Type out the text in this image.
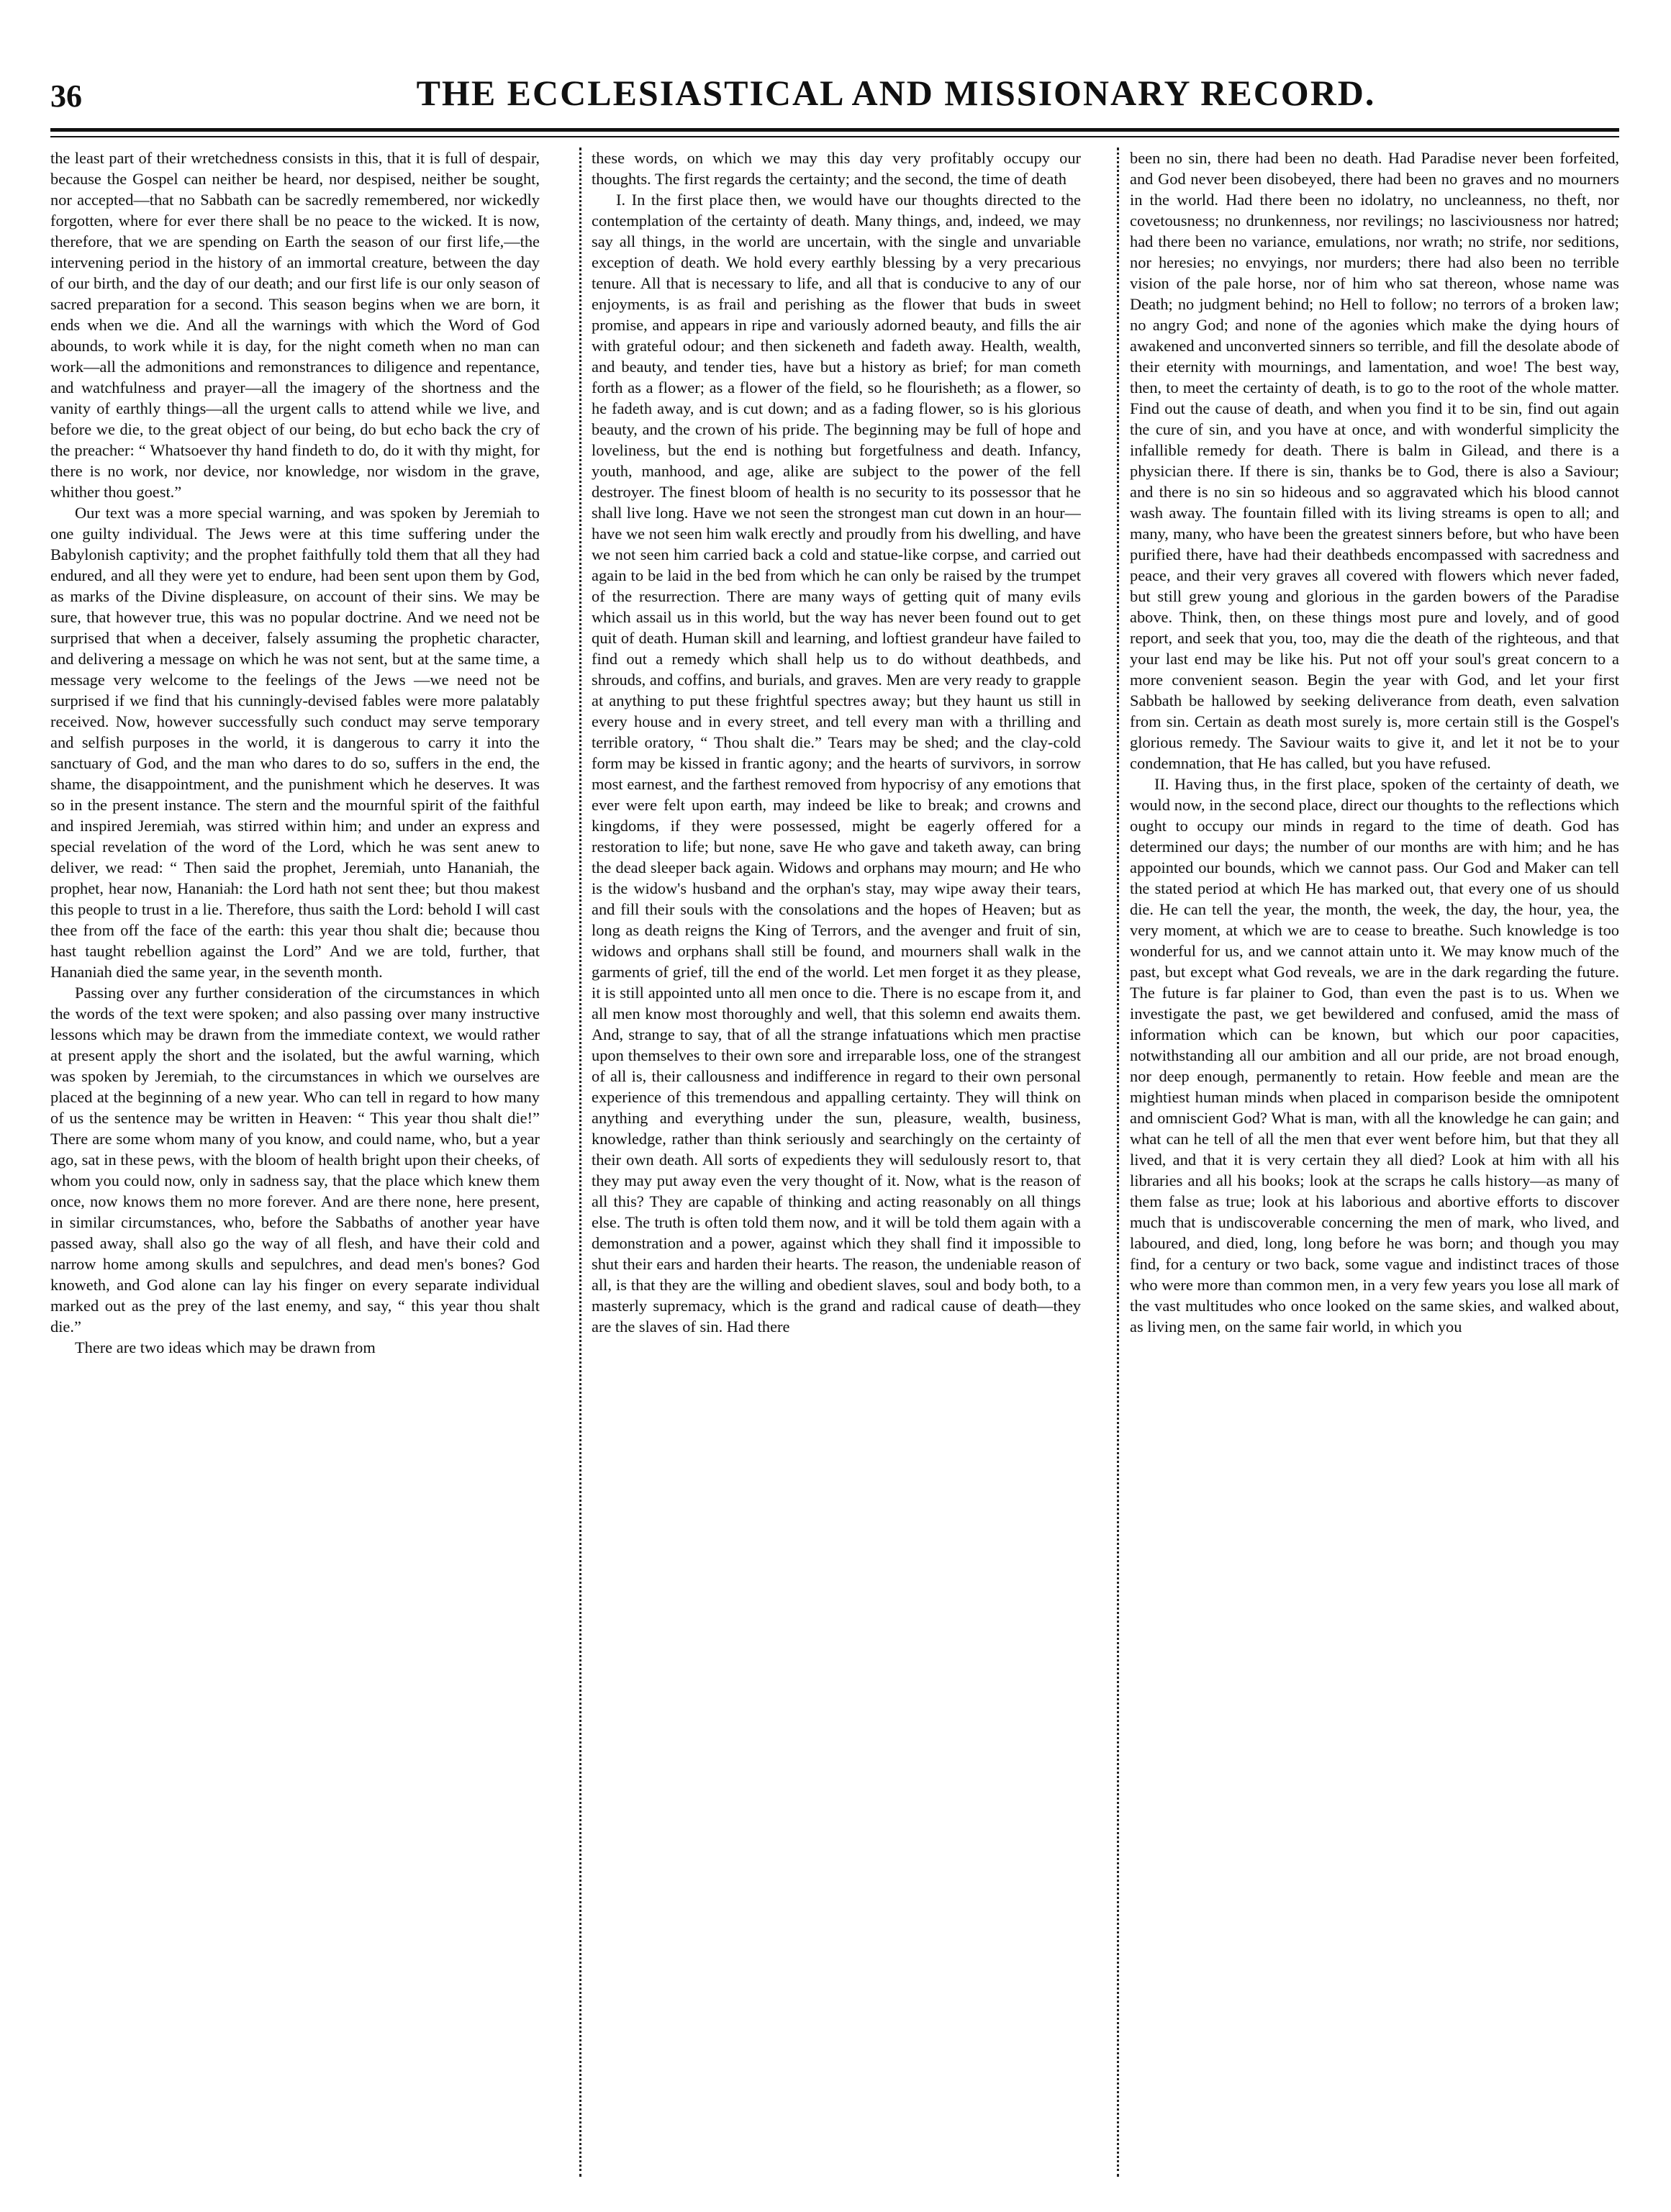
36	THE ECCLESIASTICAL AND MISSIONARY RECORD.

the least part of their wretchedness consists in this, that it is full of despair, because the Gospel can neither be heard, nor despised, neither be sought, nor accepted—that no Sabbath can be sacredly remembered, nor wickedly forgotten, where for ever there shall be no peace to the wicked. It is now, therefore, that we are spending on Earth the season of our first life,—the intervening period in the history of an immortal creature, between the day of our birth, and the day of our death; and our first life is our only season of sacred preparation for a second. This season begins when we are born, it ends when we die. And all the warnings with which the Word of God abounds, to work while it is day, for the night cometh when no man can work—all the admonitions and remonstrances to diligence and repentance, and watchfulness and prayer—all the imagery of the shortness and the vanity of earthly things—all the urgent calls to attend while we live, and before we die, to the great object of our being, do but echo back the cry of the preacher: “ Whatsoever thy hand findeth to do, do it with thy might, for there is no work, nor device, nor knowledge, nor wisdom in the grave, whither thou goest.”

Our text was a more special warning, and was spoken by Jeremiah to one guilty individual. The Jews were at this time suffering under the Babylonish captivity; and the prophet faithfully told them that all they had endured, and all they were yet to endure, had been sent upon them by God, as marks of the Divine displeasure, on account of their sins. We may be sure, that however true, this was no popular doctrine. And we need not be surprised that when a deceiver, falsely assuming the prophetic character, and delivering a message on which he was not sent, but at the same time, a message very welcome to the feelings of the Jews —we need not be surprised if we find that his cunningly-devised fables were more palatably received. Now, however successfully such conduct may serve temporary and selfish purposes in the world, it is dangerous to carry it into the sanctuary of God, and the man who dares to do so, suffers in the end, the shame, the disappointment, and the punishment which he deserves. It was so in the present instance. The stern and the mournful spirit of the faithful and inspired Jeremiah, was stirred within him; and under an express and special revelation of the word of the Lord, which he was sent anew to deliver, we read: “ Then said the prophet, Jeremiah, unto Hananiah, the prophet, hear now, Hananiah: the Lord hath not sent thee; but thou makest this people to trust in a lie. Therefore, thus saith the Lord: behold I will cast thee from off the face of the earth: this year thou shalt die; because thou hast taught rebellion against the Lord” And we are told, further, that Hananiah died the same year, in the seventh month.

Passing over any further consideration of the circumstances in which the words of the text were spoken; and also passing over many instructive lessons which may be drawn from the immediate context, we would rather at present apply the short and the isolated, but the awful warning, which was spoken by Jeremiah, to the circumstances in which we ourselves are placed at the beginning of a new year. Who can tell in regard to how many of us the sentence may be written in Heaven: “ This year thou shalt die!” There are some whom many of you know, and could name, who, but a year ago, sat in these pews, with the bloom of health bright upon their cheeks, of whom you could now, only in sadness say, that the place which knew them once, now knows them no more forever. And are there none, here present, in similar circumstances, who, before the Sabbaths of another year have passed away, shall also go the way of all flesh, and have their cold and narrow home among skulls and sepulchres, and dead men's bones? God knoweth, and God alone can lay his finger on every separate individual marked out as the prey of the last enemy, and say, “ this year thou shalt die.”

There are two ideas which may be drawn from

these words, on which we may this day very profitably occupy our thoughts. The first regards the certainty; and the second, the time of death

I. In the first place then, we would have our thoughts directed to the contemplation of the certainty of death. Many things, and, indeed, we may say all things, in the world are uncertain, with the single and unvariable exception of death. We hold every earthly blessing by a very precarious tenure. All that is necessary to life, and all that is conducive to any of our enjoyments, is as frail and perishing as the flower that buds in sweet promise, and appears in ripe and variously adorned beauty, and fills the air with grateful odour; and then sickeneth and fadeth away. Health, wealth, and beauty, and tender ties, have but a history as brief; for man cometh forth as a flower; as a flower of the field, so he flourisheth; as a flower, so he fadeth away, and is cut down; and as a fading flower, so is his glorious beauty, and the crown of his pride. The beginning may be full of hope and loveliness, but the end is nothing but forgetfulness and death. Infancy, youth, manhood, and age, alike are subject to the power of the fell destroyer. The finest bloom of health is no security to its possessor that he shall live long. Have we not seen the strongest man cut down in an hour—have we not seen him walk erectly and proudly from his dwelling, and have we not seen him carried back a cold and statue-like corpse, and carried out again to be laid in the bed from which he can only be raised by the trumpet of the resurrection. There are many ways of getting quit of many evils which assail us in this world, but the way has never been found out to get quit of death. Human skill and learning, and loftiest grandeur have failed to find out a remedy which shall help us to do without deathbeds, and shrouds, and coffins, and burials, and graves. Men are very ready to grapple at anything to put these frightful spectres away; but they haunt us still in every house and in every street, and tell every man with a thrilling and terrible oratory, “ Thou shalt die.” Tears may be shed; and the clay-cold form may be kissed in frantic agony; and the hearts of survivors, in sorrow most earnest, and the farthest removed from hypocrisy of any emotions that ever were felt upon earth, may indeed be like to break; and crowns and kingdoms, if they were possessed, might be eagerly offered for a restoration to life; but none, save He who gave and taketh away, can bring the dead sleeper back again. Widows and orphans may mourn; and He who is the widow's husband and the orphan's stay, may wipe away their tears, and fill their souls with the consolations and the hopes of Heaven; but as long as death reigns the King of Terrors, and the avenger and fruit of sin, widows and orphans shall still be found, and mourners shall walk in the garments of grief, till the end of the world. Let men forget it as they please, it is still appointed unto all men once to die. There is no escape from it, and all men know most thoroughly and well, that this solemn end awaits them. And, strange to say, that of all the strange infatuations which men practise upon themselves to their own sore and irreparable loss, one of the strangest of all is, their callousness and indifference in regard to their own personal experience of this tremendous and appalling certainty. They will think on anything and everything under the sun, pleasure, wealth, business, knowledge, rather than think seriously and searchingly on the certainty of their own death. All sorts of expedients they will sedulously resort to, that they may put away even the very thought of it. Now, what is the reason of all this? They are capable of thinking and acting reasonably on all things else. The truth is often told them now, and it will be told them again with a demonstration and a power, against which they shall find it impossible to shut their ears and harden their hearts. The reason, the undeniable reason of all, is that they are the willing and obedient slaves, soul and body both, to a masterly supremacy, which is the grand and radical cause of death—they are the slaves of sin. Had there

been no sin, there had been no death. Had Paradise never been forfeited, and God never been disobeyed, there had been no graves and no mourners in the world. Had there been no idolatry, no uncleanness, no theft, nor covetousness; no drunkenness, nor revilings; no lasciviousness nor hatred; had there been no variance, emulations, nor wrath; no strife, nor seditions, nor heresies; no envyings, nor murders; there had also been no terrible vision of the pale horse, nor of him who sat thereon, whose name was Death; no judgment behind; no Hell to follow; no terrors of a broken law; no angry God; and none of the agonies which make the dying hours of awakened and unconverted sinners so terrible, and fill the desolate abode of their eternity with mournings, and lamentation, and woe! The best way, then, to meet the certainty of death, is to go to the root of the whole matter. Find out the cause of death, and when you find it to be sin, find out again the cure of sin, and you have at once, and with wonderful simplicity the infallible remedy for death. There is balm in Gilead, and there is a physician there. If there is sin, thanks be to God, there is also a Saviour; and there is no sin so hideous and so aggravated which his blood cannot wash away. The fountain filled with its living streams is open to all; and many, many, who have been the greatest sinners before, but who have been purified there, have had their deathbeds encompassed with sacredness and peace, and their very graves all covered with flowers which never faded, but still grew young and glorious in the garden bowers of the Paradise above. Think, then, on these things most pure and lovely, and of good report, and seek that you, too, may die the death of the righteous, and that your last end may be like his. Put not off your soul's great concern to a more convenient season. Begin the year with God, and let your first Sabbath be hallowed by seeking deliverance from death, even salvation from sin. Certain as death most surely is, more certain still is the Gospel's glorious remedy. The Saviour waits to give it, and let it not be to your condemnation, that He has called, but you have refused.

II. Having thus, in the first place, spoken of the certainty of death, we would now, in the second place, direct our thoughts to the reflections which ought to occupy our minds in regard to the time of death. God has determined our days; the number of our months are with him; and he has appointed our bounds, which we cannot pass. Our God and Maker can tell the stated period at which He has marked out, that every one of us should die. He can tell the year, the month, the week, the day, the hour, yea, the very moment, at which we are to cease to breathe. Such knowledge is too wonderful for us, and we cannot attain unto it. We may know much of the past, but except what God reveals, we are in the dark regarding the future. The future is far plainer to God, than even the past is to us. When we investigate the past, we get bewildered and confused, amid the mass of information which can be known, but which our poor capacities, notwithstanding all our ambition and all our pride, are not broad enough, nor deep enough, permanently to retain. How feeble and mean are the mightiest human minds when placed in comparison beside the omnipotent and omniscient God? What is man, with all the knowledge he can gain; and what can he tell of all the men that ever went before him, but that they all lived, and that it is very certain they all died? Look at him with all his libraries and all his books; look at the scraps he calls history—as many of them false as true; look at his laborious and abortive efforts to discover much that is undiscoverable concerning the men of mark, who lived, and laboured, and died, long, long before he was born; and though you may find, for a century or two back, some vague and indistinct traces of those who were more than common men, in a very few years you lose all mark of the vast multitudes who once looked on the same skies, and walked about, as living men, on the same fair world, in which you
